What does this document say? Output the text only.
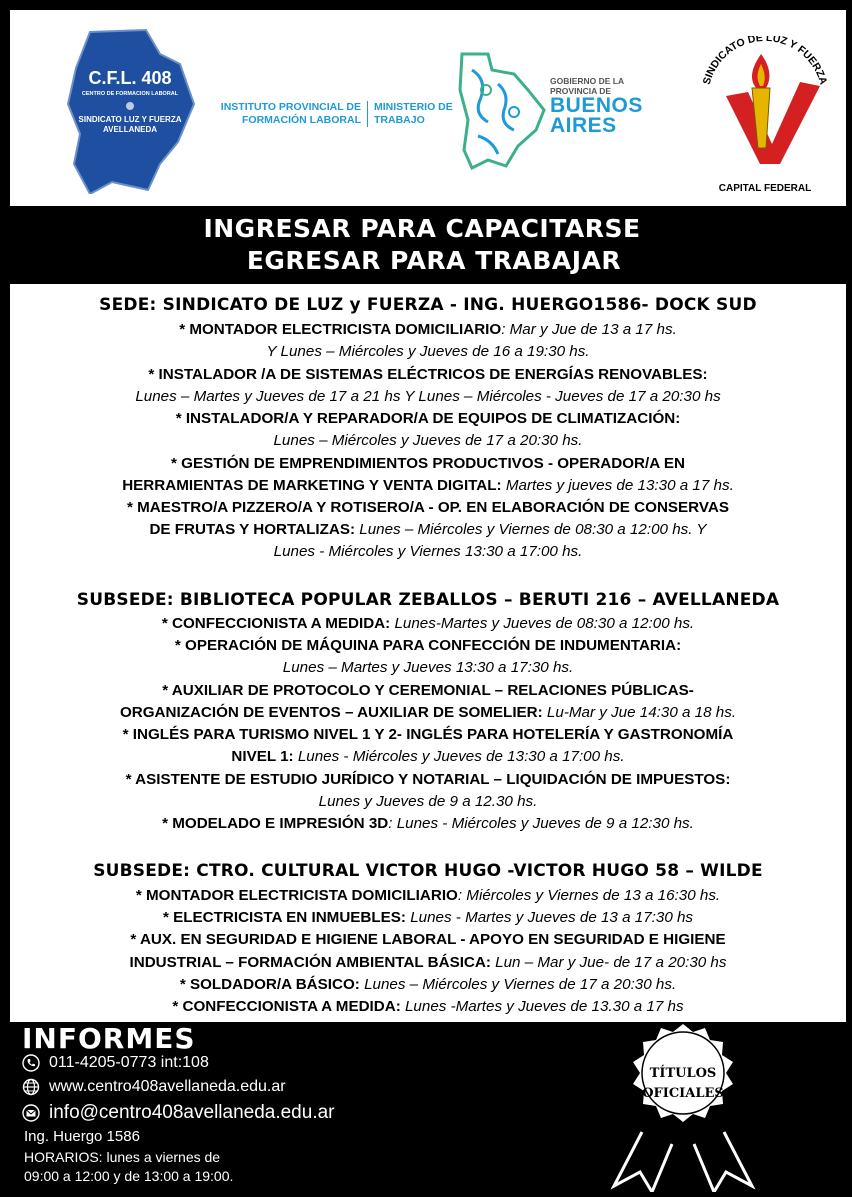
C.F.L. 408
CENTRO DE FORMACION LABORAL
SINDICATO LUZ Y FUERZA
AVELLANEDA
INSTITUTO PROVINCIAL DE
FORMACIÓN LABORAL
MINISTERIO DE
TRABAJO
GOBIERNO DE LA
PROVINCIA DE
BUENOS
AIRES
SINDICATO DE LUZ Y FUERZA
CAPITAL FEDERAL
INGRESAR PARA CAPACITARSE
EGRESAR PARA TRABAJAR
SEDE: SINDICATO DE LUZ y FUERZA - ING. HUERGO1586- DOCK SUD
* MONTADOR ELECTRICISTA DOMICILIARIO: Mar y Jue de 13 a 17 hs.
Y Lunes – Miércoles y Jueves de 16 a 19:30 hs.
* INSTALADOR /A DE SISTEMAS ELÉCTRICOS DE ENERGÍAS RENOVABLES:
Lunes – Martes y Jueves de 17 a 21 hs Y Lunes – Miércoles - Jueves de 17 a 20:30 hs
* INSTALADOR/A Y REPARADOR/A DE EQUIPOS DE CLIMATIZACIÓN:
Lunes – Miércoles y Jueves de 17 a 20:30 hs.
* GESTIÓN DE EMPRENDIMIENTOS PRODUCTIVOS - OPERADOR/A EN
HERRAMIENTAS DE MARKETING Y VENTA DIGITAL: Martes y jueves de 13:30 a 17 hs.
* MAESTRO/A PIZZERO/A Y ROTISERO/A - OP. EN ELABORACIÓN DE CONSERVAS
DE FRUTAS Y HORTALIZAS: Lunes – Miércoles y Viernes de 08:30 a 12:00 hs. Y
Lunes - Miércoles y Viernes 13:30 a 17:00 hs.
SUBSEDE: BIBLIOTECA POPULAR ZEBALLOS – BERUTI 216 – AVELLANEDA
* CONFECCIONISTA A MEDIDA: Lunes-Martes y Jueves de 08:30 a 12:00 hs.
* OPERACIÓN DE MÁQUINA PARA CONFECCIÓN DE INDUMENTARIA:
Lunes – Martes y Jueves 13:30 a 17:30 hs.
* AUXILIAR DE PROTOCOLO Y CEREMONIAL – RELACIONES PÚBLICAS-
ORGANIZACIÓN DE EVENTOS – AUXILIAR DE SOMELIER: Lu-Mar y Jue 14:30 a 18 hs.
* INGLÉS PARA TURISMO NIVEL 1 Y 2- INGLÉS PARA HOTELERÍA Y GASTRONOMÍA
NIVEL 1: Lunes - Miércoles y Jueves de 13:30 a 17:00 hs.
* ASISTENTE DE ESTUDIO JURÍDICO Y NOTARIAL – LIQUIDACIÓN DE IMPUESTOS:
Lunes y Jueves de 9 a 12.30 hs.
* MODELADO E IMPRESIÓN 3D: Lunes - Miércoles y Jueves de 9 a 12:30 hs.
SUBSEDE: CTRO. CULTURAL VICTOR HUGO -VICTOR HUGO 58 – WILDE
* MONTADOR ELECTRICISTA DOMICILIARIO: Miércoles y Viernes de 13 a 16:30 hs.
* ELECTRICISTA EN INMUEBLES: Lunes - Martes y Jueves de 13 a 17:30 hs
* AUX. EN SEGURIDAD E HIGIENE LABORAL - APOYO EN SEGURIDAD E HIGIENE
INDUSTRIAL – FORMACIÓN AMBIENTAL BÁSICA: Lun – Mar y Jue- de 17 a 20:30 hs
* SOLDADOR/A BÁSICO: Lunes – Miércoles y Viernes de 17 a 20:30 hs.
* CONFECCIONISTA A MEDIDA: Lunes -Martes y Jueves de 13.30 a 17 hs
INFORMES
011-4205-0773 int:108
www.centro408avellaneda.edu.ar
info@centro408avellaneda.edu.ar
Ing. Huergo 1586
HORARIOS: lunes a viernes de
09:00 a 12:00 y de 13:00 a 19:00.
TÍTULOS
OFICIALES
